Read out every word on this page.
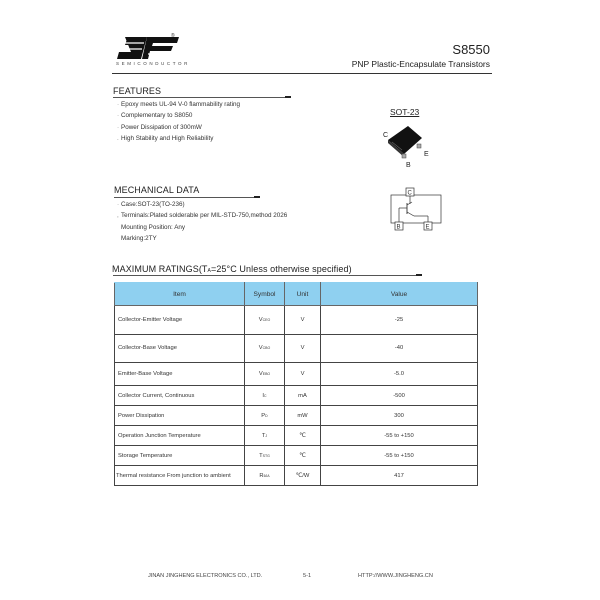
®
SEMICONDUCTOR
S8550
PNP Plastic-Encapsulate Transistors
FEATURES
· Epoxy meets UL-94 V-0 flammability rating
· Complementary to S8050
· Power Dissipation of 300mW
. High Stability and High Reliability
SOT-23
C
B
E
MECHANICAL DATA
· Case:SOT-23(TO-236)
, Terminals:Plated solderable per MIL-STD-750,method 2026
Mounting Position: Any
Marking:2TY
C
B	E
MAXIMUM RATINGS(TA=25°C Unless otherwise specified)
Item	Symbol	Unit	Value
Collector-Emitter Voltage	VCEO	V	-25
Collector-Base Voltage	VCBO	V	-40
Emitter-Base Voltage	VEBO	V	-5.0
Collector Current, Continuous	IC	mA	-500
Power Dissipation	PD	mW	300
Operation Junction Temperature	TJ	℃	-55 to +150
Storage Temperature	TSTG	℃	-55 to +150
Thermal resistance From junction to ambient	RθJA	℃/W	417
JINAN JINGHENG ELECTRONICS CO., LTD.	5-1	HTTP://WWW.JINGHENG.CN
